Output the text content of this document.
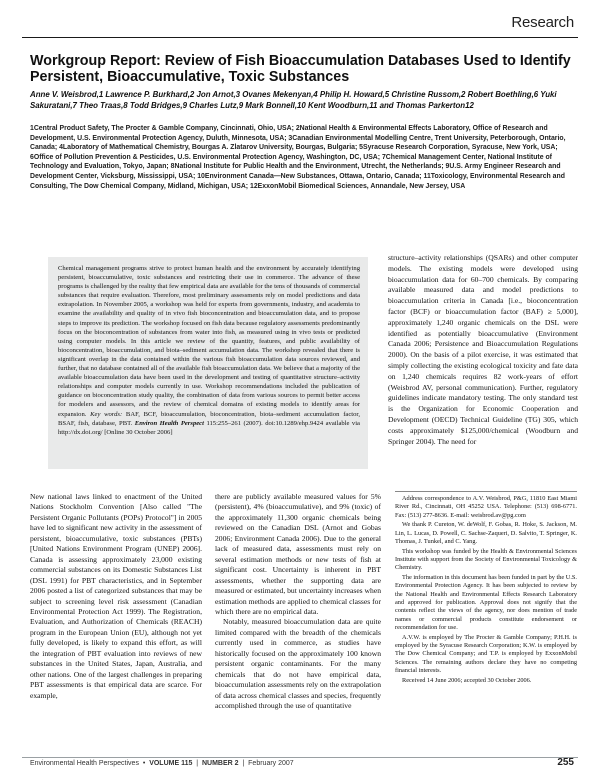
Research
Workgroup Report: Review of Fish Bioaccumulation Databases Used to Identify Persistent, Bioaccumulative, Toxic Substances
Anne V. Weisbrod,1 Lawrence P. Burkhard,2 Jon Arnot,3 Ovanes Mekenyan,4 Philip H. Howard,5 Christine Russom,2 Robert Boethling,6 Yuki Sakuratani,7 Theo Traas,8 Todd Bridges,9 Charles Lutz,9 Mark Bonnell,10 Kent Woodburn,11 and Thomas Parkerton12
1Central Product Safety, The Procter & Gamble Company, Cincinnati, Ohio, USA; 2National Health & Environmental Effects Laboratory, Office of Research and Development, U.S. Environmental Protection Agency, Duluth, Minnesota, USA; 3Canadian Environmental Modelling Centre, Trent University, Peterborough, Ontario, Canada; 4Laboratory of Mathematical Chemistry, Bourgas A. Zlatarov University, Bourgas, Bulgaria; 5Syracuse Research Corporation, Syracuse, New York, USA; 6Office of Pollution Prevention & Pesticides, U.S. Environmental Protection Agency, Washington, DC, USA; 7Chemical Management Center, National Institute of Technology and Evaluation, Tokyo, Japan; 8National Institute for Public Health and the Environment, Utrecht, the Netherlands; 9U.S. Army Engineer Research and Development Center, Vicksburg, Mississippi, USA; 10Environment Canada—New Substances, Ottawa, Ontario, Canada; 11Toxicology, Environmental Research and Consulting, The Dow Chemical Company, Midland, Michigan, USA; 12ExxonMobil Biomedical Sciences, Annandale, New Jersey, USA
Chemical management programs strive to protect human health and the environment by accurately identifying persistent, bioaccumulative, toxic substances and restricting their use in commerce. The advance of these programs is challenged by the reality that few empirical data are available for the tens of thousands of commercial substances that require evaluation. Therefore, most preliminary assessments rely on model predictions and data extrapolation. In November 2005, a workshop was held for experts from governments, industry, and academia to examine the availability and quality of in vivo fish bioconcentration and bioaccumulation data, and to propose steps to improve its prediction. The workshop focused on fish data because regulatory assessments predominantly focus on the bioconcentration of substances from water into fish, as measured using in vivo tests or predicted using computer models. In this article we review of the quantity, features, and public availability of bioconcentration, bioaccumulation, and biota–sediment accumulation data. The workshop revealed that there is significant overlap in the data contained within the various fish bioaccumulation data sources reviewed, and further, that no database contained all of the available fish bioaccumulation data. We believe that a majority of the available bioaccumulation data have been used in the development and testing of quantitative structure–activity relationships and computer models currently in use. Workshop recommendations included the publication of guidance on bioconcentration study quality, the combination of data from various sources to permit better access for modelers and assessors, and the review of chemical domains of existing models to identify areas for expansion. Key words: BAF, BCF, bioaccumulation, bioconcentration, biota–sediment accumulation factor, BSAF, fish, database, PBT. Environ Health Perspect 115:255–261 (2007). doi:10.1289/ehp.9424 available via http://dx.doi.org/ [Online 30 October 2006]
structure–activity relationships (QSARs) and other computer models. The existing models were developed using bioaccumulation data for 60–700 chemicals. By comparing available measured data and model predictions to bioaccumulation criteria in Canada [i.e., bioconcentration factor (BCF) or bioaccumulation factor (BAF) ≥ 5,000], approximately 1,240 organic chemicals on the DSL were identified as potentially bioaccumulative (Environment Canada 2006; Persistence and Bioaccumulation Regulations 2000). On the basis of a pilot exercise, it was estimated that simply collecting the existing ecological toxicity and fate data on 1,240 chemicals requires 82 work-years of effort (Weisbrod AV, personal communication). Further, regulatory guidelines indicate mandatory testing. The only standard test is the Organization for Economic Cooperation and Development (OECD) Technical Guideline (TG) 305, which costs approximately $125,000/chemical (Woodburn and Springer 2004). The need for
New national laws linked to enactment of the United Nations Stockholm Convention [Also called "The Persistent Organic Pollutants (POPs) Protocol"] in 2005 have led to significant new activity in the assessment of persistent, bioaccumulative, toxic substances (PBTs) [United Nations Environment Program (UNEP) 2006]. Canada is assessing approximately 23,000 existing commercial substances on its Domestic Substances List (DSL 1991) for PBT characteristics, and in September 2006 posted a list of categorized substances that may be subject to screening level risk assessment (Canadian Environmental Protection Act 1999). The Registration, Evaluation, and Authorization of Chemicals (REACH) program in the European Union (EU), although not yet fully developed, is likely to expand this effort, as will the integration of PBT evaluation into reviews of new substances in the United States, Japan, Australia, and other nations. One of the largest challenges in preparing PBT assessments is that empirical data are scarce. For example,

there are publicly available measured values for 5% (persistent), 4% (bioaccumulative), and 9% (toxic) of the approximately 11,300 organic chemicals being reviewed on the Canadian DSL (Arnot and Gobas 2006; Environment Canada 2006). Due to the general lack of measured data, assessments must rely on several estimation methods or new tests of fish at significant cost. Uncertainty is inherent in PBT assessments, whether the supporting data are measured or estimated, but uncertainty increases when estimation methods are applied to chemical classes for which there are no empirical data.

Notably, measured bioaccumulation data are quite limited compared with the breadth of the chemicals currently used in commerce, as studies have historically focused on the approximately 100 known persistent organic contaminants. For the many chemicals that do not have empirical data, bioaccumulation assessments rely on the extrapolation of data across chemical classes and species, frequently accomplished through the use of quantitative

Address correspondence to A.V. Weisbrod, P&G, 11810 East Miami River Rd., Cincinnati, OH 45252 USA. Telephone: (513) 698-6771. Fax: (513) 277-8636. E-mail: weisbrod.av@pg.com

We thank P. Cureton, W. deWolf, F. Gobas, R. Hoke, S. Jackson, M. Lin, L. Lucas, D. Powell, C. Sachse-Zaqueri, D. Salvito, T. Springer, K. Thomas, J. Tunkel, and C. Yang.

This workshop was funded by the Health & Environmental Sciences Institute with support from the Society of Environmental Toxicology & Chemistry.

The information in this document has been funded in part by the U.S. Environmental Protection Agency. It has been subjected to review by the National Health and Environmental Effects Research Laboratory and approved for publication. Approval does not signify that the contents reflect the views of the agency, nor does mention of trade names or commercial products constitute endorsement or recommendation for use.

A.V.W. is employed by The Procter & Gamble Company; P.H.H. is employed by the Syracuse Research Corporation; K.W. is employed by The Dow Chemical Company; and T.P. is employed by ExxonMobil Sciences. The remaining authors declare they have no competing financial interests.

Received 14 June 2006; accepted 30 October 2006.

Environmental Health Perspectives  •  VOLUME 115  |  NUMBER 2  |  February 2007	255
